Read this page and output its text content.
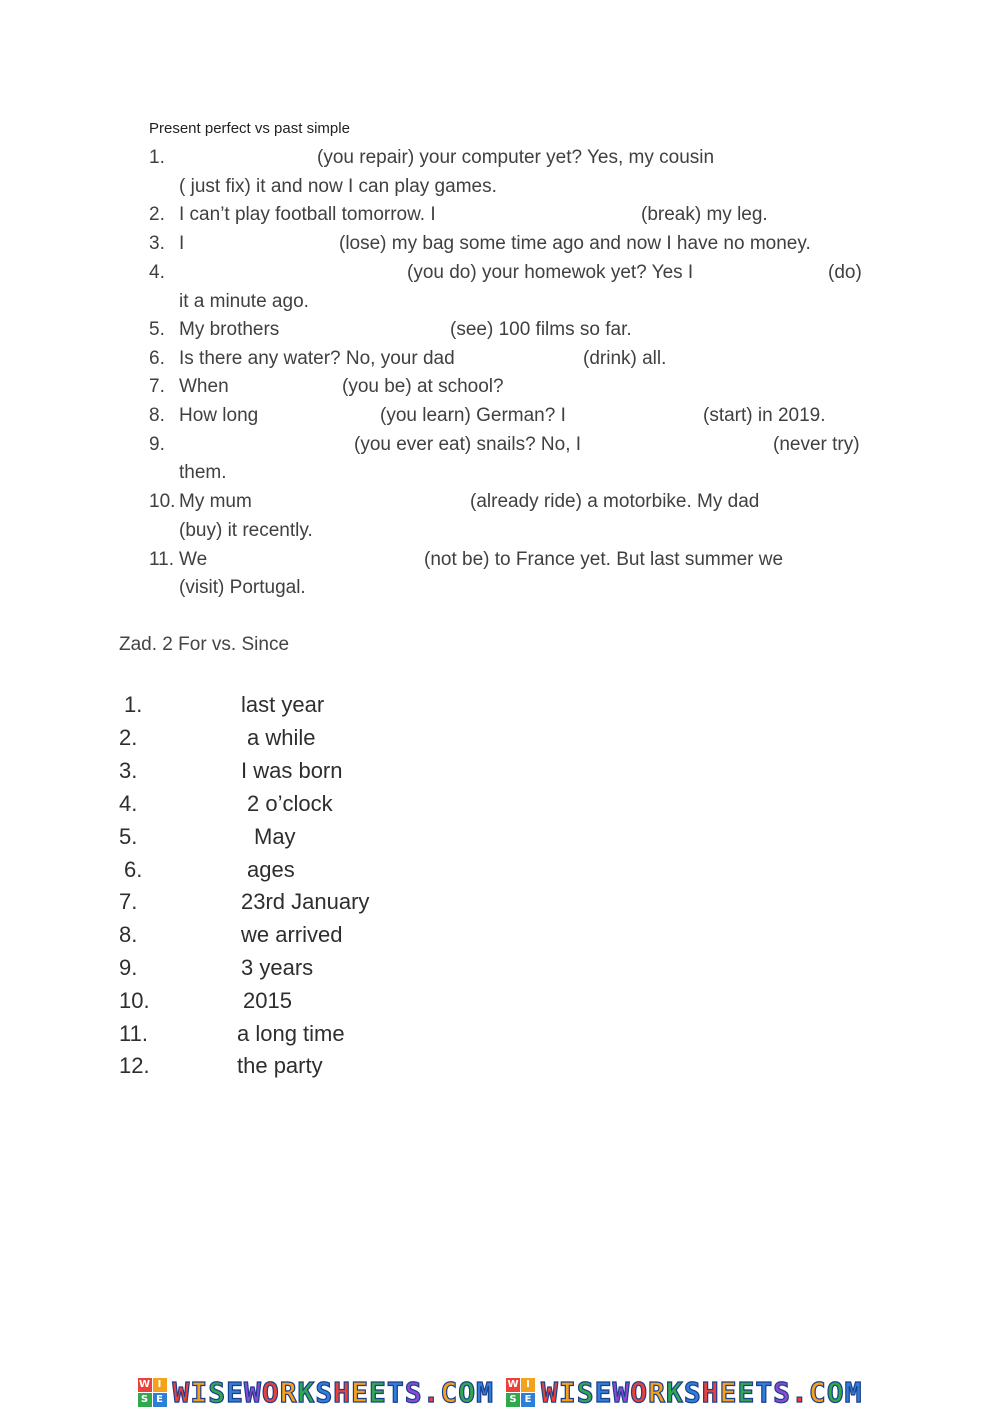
Present perfect vs past simple
1.	(you repair) your computer yet? Yes, my cousin
( just fix) it and now I can play games.
2. I can’t play football tomorrow. I	(break) my leg.
3. I	(lose) my bag some time ago and now I have no money.
4.	(you do) your homewok yet? Yes I	(do)
it a minute ago.
5. My brothers	(see) 100 films so far.
6. Is there any water? No, your dad	(drink) all.
7. When	(you be) at school?
8. How long	(you learn) German? I	(start) in 2019.
9.	(you ever eat) snails? No, I	(never try)
them.
10. My mum	(already ride) a motorbike. My dad
(buy) it recently.
11. We	(not be) to France yet. But last summer we
(visit) Portugal.
Zad. 2 For vs. Since
1.	last year
2.	a while
3.	I was born
4.	2 o’clock
5.	May
6.	ages
7.	23rd January
8.	we arrived
9.	3 years
10.	2015
11.	a long time
12.	the party
W I
S E W I S E W O R K S H E E T S . C O M W I
S E W I S E W O R K S H E E T S . C O M
